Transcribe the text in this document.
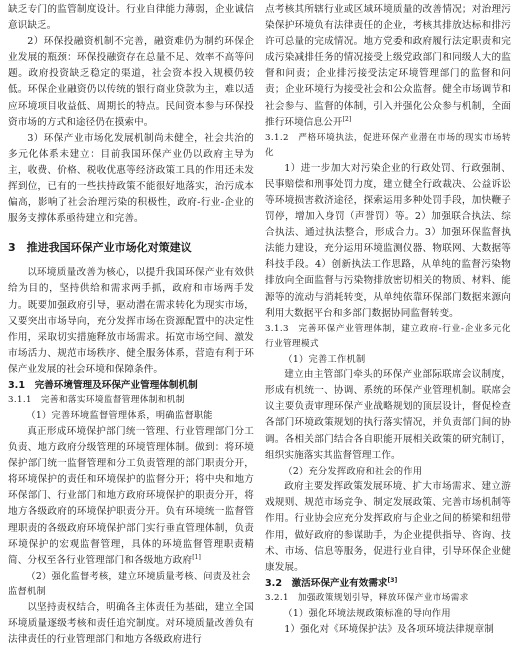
缺乏专门的监管制度设计。行业自律能力薄弱，企业诚信意识缺乏。

2）环保投融资机制不完善，融资难仍为制约环保企业发展的瓶颈：环保投融资存在总量不足、效率不高等问题。政府投资缺乏稳定的渠道，社会资本投入规模仍较低。环保企业融资仍以传统的银行商业贷款为主，难以适应环境项目收益低、周期长的特点。民间资本参与环保投资市场的方式和途径仍在摸索中。

3）环保产业市场化发展机制尚未健全，社会共治的多元化体系未建立：目前我国环保产业仍以政府主导为主，收费、价格、税收优惠等经济政策工具的作用还未发挥到位，已有的一些扶持政策不能很好地落实，治污成本偏高，影响了社会治理污染的积极性，政府-行业-企业的服务支撑体系亟待建立和完善。

3　推进我国环保产业市场化对策建议

以环境质量改善为核心，以提升我国环保产业有效供给为目的，坚持供给和需求两手抓，政府和市场两手发力。既要加强政府引导，驱动潜在需求转化为现实市场，又要突出市场导向，充分发挥市场在资源配置中的决定性作用，采取切实措施释放市场需求。拓宽市场空间、激发市场活力、规范市场秩序、健全服务体系，营造有利于环保产业发展的社会环境和保障条件。

3.1　完善环境管理及环保产业管理体制机制
3.1.1　完善和落实环境监督管理体制和机制
（1）完善环境监督管理体系，明确监督职能

真正形成环境保护部门统一管理、行业管理部门分工负责、地方政府分级管理的环境管理体制。做到：将环境保护部门统一监督管理和分工负责管理的部门职责分开，将环境保护的责任和环境保护的监督分开；将中央和地方环保部门、行业部门和地方政府环境保护的职责分开，将地方各级政府的环境保护职责分开。负有环境统一监督管理职责的各级政府环境保护部门实行垂直管理体制，负责环境保护的宏观监督管理，具体的环境监督管理职责精简、分权至各行业管理部门和各级地方政府[1]

（2）强化监督考核，建立环境质量考核、问责及社会监督机制

以坚持责权结合，明确各主体责任为基础，建立全国环境质量逐级考核和责任追究制度。对环境质量改善负有法律责任的行业管理部门和地方各级政府进行

点考核其所辖行业或区域环境质量的改善情况；对治理污染保护环境负有法律责任的企业，考核其排放达标和排污许可总量的完成情况。地方党委和政府履行法定职责和完成污染减排任务的情况接受上级党政部门和同级人大的监督和问责；企业排污接受法定环境管理部门的监督和问责；企业环境行为接受社会和公众监督。健全市场调节和社会参与、监督的体制，引入并强化公众参与机制，全面推行环境信息公开[2]

3.1.2　严格环境执法，促进环保产业潜在市场的现实市场转化

1）进一步加大对污染企业的行政处罚、行政强制、民事赔偿和刑事处罚力度，建立健全行政裁决、公益诉讼等环境损害救济途径，探索运用多种处罚手段，加快鞭子罚停，增加入身罚（声誉罚）等。2）加强联合执法、综合执法、通过执法整合，形成合力。3）加强环保监督执法能力建设，充分运用环境监测仪器、物联网、大数据等科技手段。4）创新执法工作思路，从单纯的监督污染物排放向全面监督与污染物排放密切相关的物质、材料、能源等的流动与消耗转变，从单纯依靠环保部门数据来源向利用大数据平台和多部门数据协同监督转变。

3.1.3　完善环保产业管理体制，建立政府-行业-企业多元化行业管理模式
（1）完善工作机制

建立由主管部门牵头的环保产业部际联席会议制度，形成有机统一、协调、系统的环保产业管理机制。联席会议主要负责审理环保产业战略规划的顶层设计，督促检查各部门环境政策规划的执行落实情况，并负责部门间的协调。各相关部门结合各自职能开展相关政策的研究制订，组织实施落实其监督管理工作。

（2）充分发挥政府和社会的作用

政府主要发挥政策发展环境、扩大市场需求、建立游戏规则、规范市场竞争、制定发展政策、完善市场机制等作用。行业协会应充分发挥政府与企业之间的桥梁和纽带作用，做好政府的参谋助手，为企业提供指导、咨询、技术、市场、信息等服务，促进行业自律，引导环保企业健康发展。

3.2　激活环保产业有效需求[3]
3.2.1　加强政策规划引导，释放环保产业市场需求
（1）强化环境法规政策标准的导向作用

1）强化对《环境保护法》及各项环境法律规章制
